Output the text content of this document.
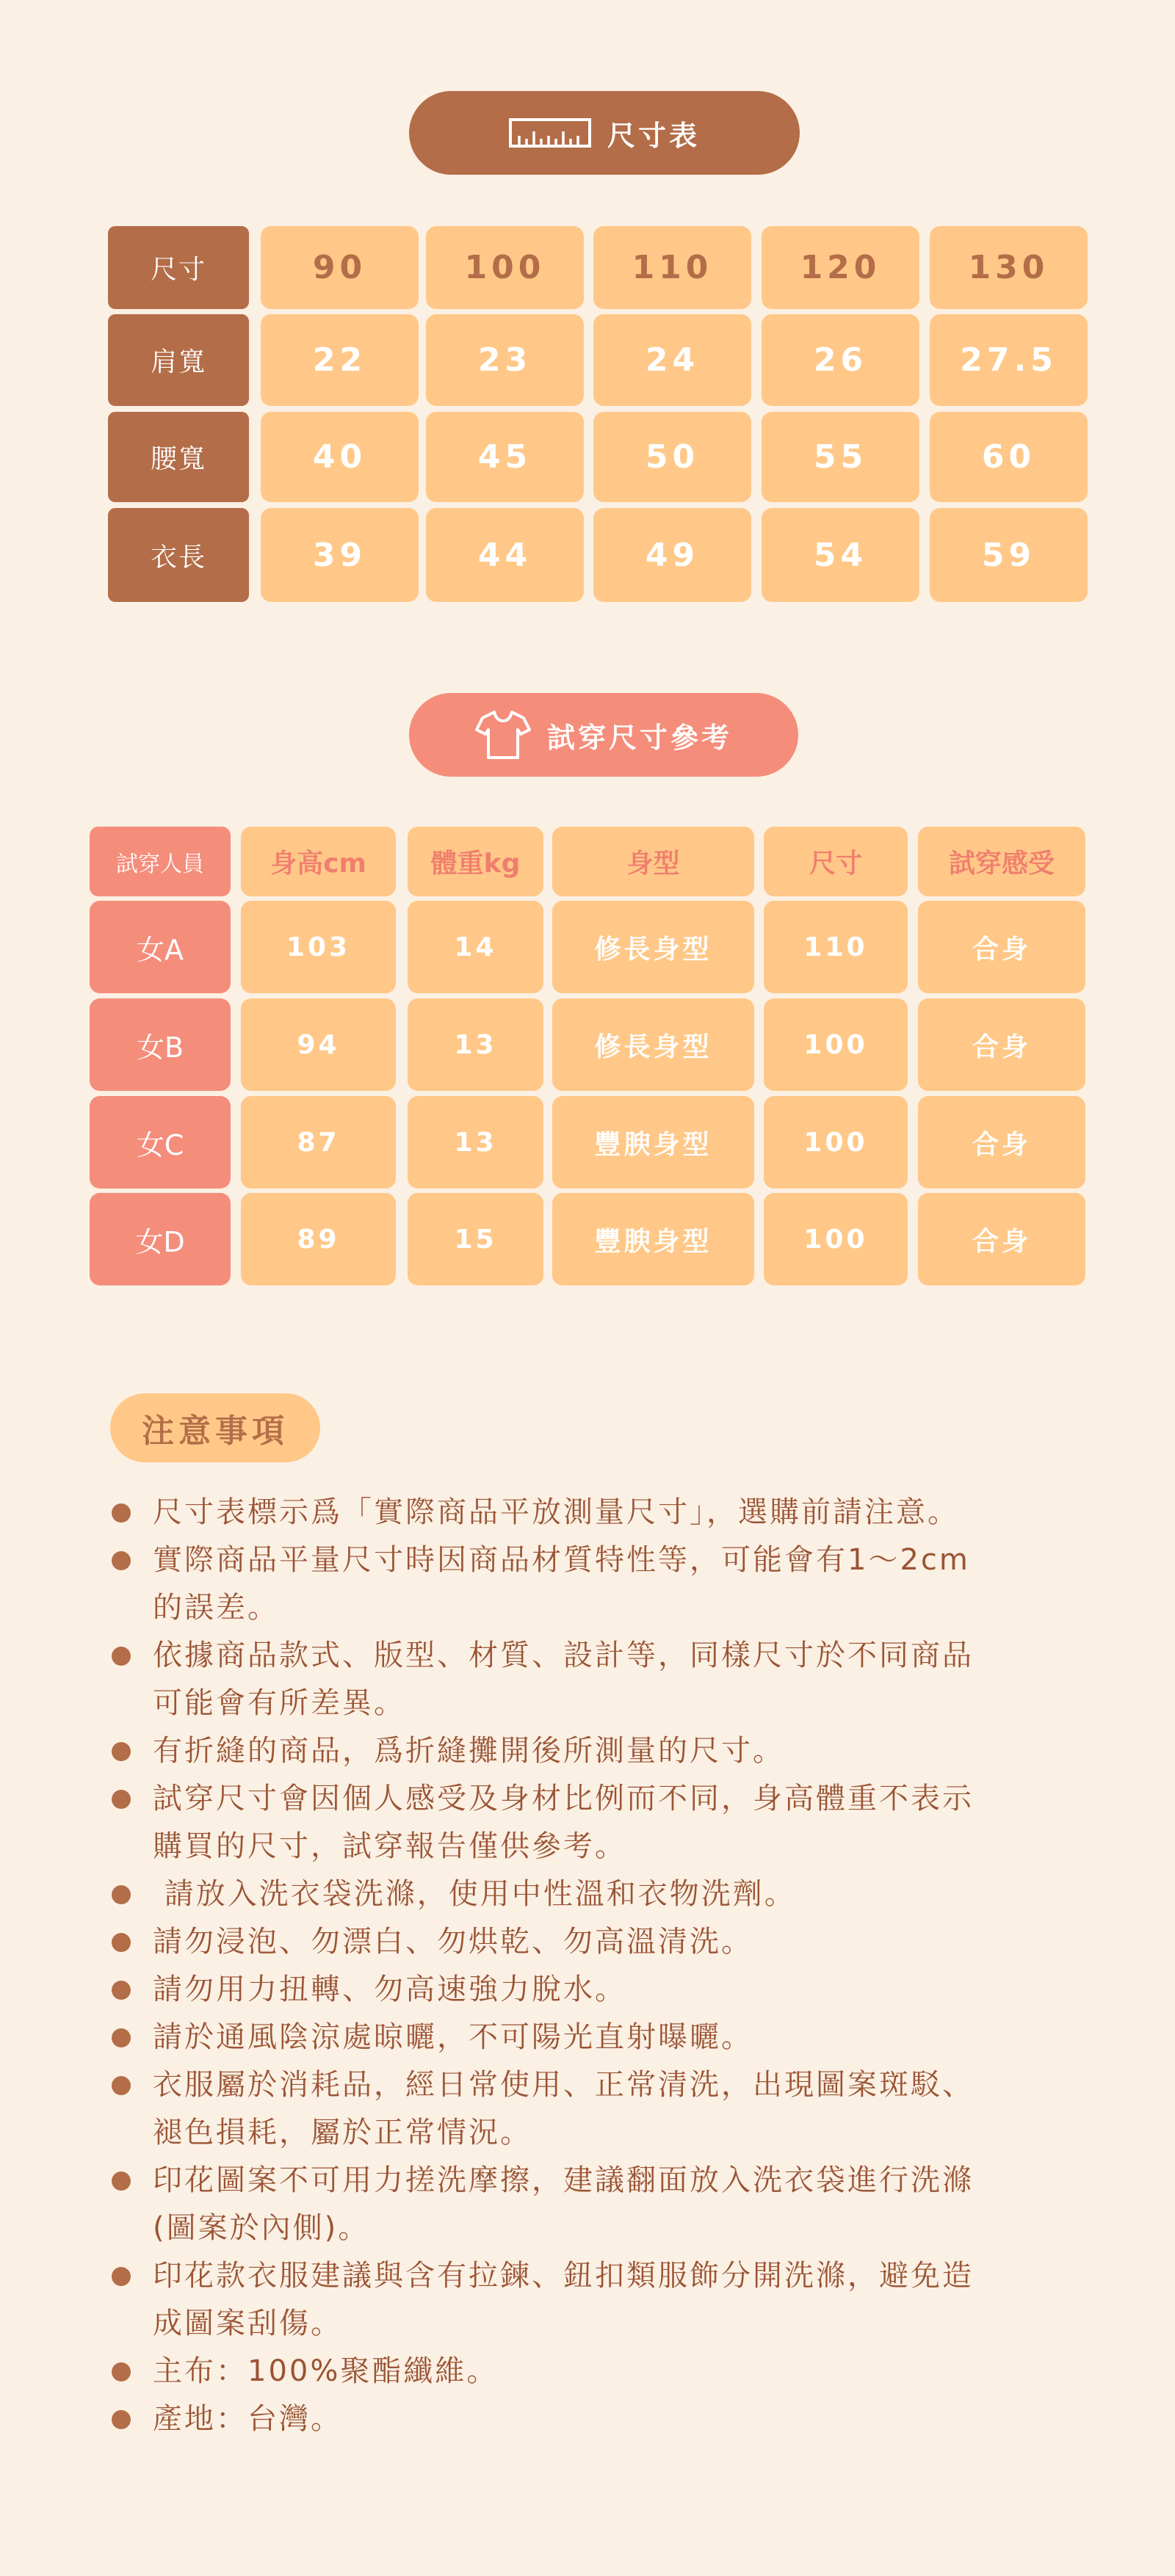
尺寸表
試穿尺寸參考
注意事項
尺寸表標示爲「實際商品平放測量尺寸」，選購前請注意。
實際商品平量尺寸時因商品材質特性等，可能會有1～2cm
的誤差。
依據商品款式、版型、材質、設計等，同樣尺寸於不同商品
可能會有所差異。
有折縫的商品，爲折縫攤開後所測量的尺寸。
試穿尺寸會因個人感受及身材比例而不同，身高體重不表示
購買的尺寸，試穿報告僅供參考。
請放入洗衣袋洗滌，使用中性溫和衣物洗劑。
請勿浸泡、勿漂白、勿烘乾、勿高溫清洗。
請勿用力扭轉、勿高速強力脫水。
請於通風陰涼處晾曬，不可陽光直射曝曬。
衣服屬於消耗品，經日常使用、正常清洗，出現圖案斑駁、
褪色損耗，屬於正常情況。
印花圖案不可用力搓洗摩擦，建議翻面放入洗衣袋進行洗滌
(圖案於內側)。
印花款衣服建議與含有拉鍊、鈕扣類服飾分開洗滌，避免造
成圖案刮傷。
主布：100%聚酯纖維。
產地：台灣。
尺寸	90	100	110	120	130
肩寬	22	23	24	26	27.5
腰寬	40	45	50	55	60
衣長	39	44	49	54	59
試穿人員	身高cm	體重kg	身型	尺寸	試穿感受
女A	103	14	修長身型	110	合身
女B	94	13	修長身型	100	合身
女C	87	13	豐腴身型	100	合身
女D	89	15	豐腴身型	100	合身
